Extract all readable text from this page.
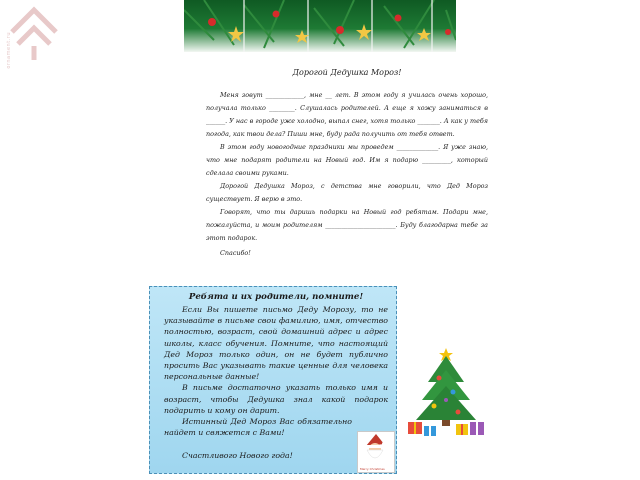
ornament.ru
Дорогой Дедушка Мороз!

Меня зовут ____________, мне __ лет. В этом году я училась очень хорошо, получала только ________. Слушалась родителей. А еще я хожу заниматься в ______. У нас в городе уже холодно, выпал снег, хотя только _______. А как у тебя погода, как твои дела? Пиши мне, буду рада получить от тебя ответ.

В этом году новогодние праздники мы проведем _____________. Я уже знаю, что мне подарят родители на Новый год. Им я подарю _________, который сделала своими руками.

Дорогой Дедушка Мороз, с детства мне говорили, что Дед Мороз существует. Я верю в это.

Говорят, что ты даришь подарки на Новый год ребятам. Подари мне, пожалуйста, и моим родителям ______________________. Буду благодарна тебе за этот подарок.

Спасибо!

Ребята и их родители, помните!

Если Вы пишете письмо Деду Морозу, то не указывайте в письме свои фамилию, имя, отчество полностью, возраст, свой домашний адрес и адрес школы, класс обучения. Помните, что настоящий Дед Мороз только один, он не будет публично просить Вас указывать такие ценные для человека персональные данные!

В письме достаточно указать только имя и возраст, чтобы Дедушка знал какой подарок подарить и кому он дарит.

Истинный Дед Мороз Вас обязательно найдет и свяжется с Вами!

Счастливого Нового года!

Merry Christmas
